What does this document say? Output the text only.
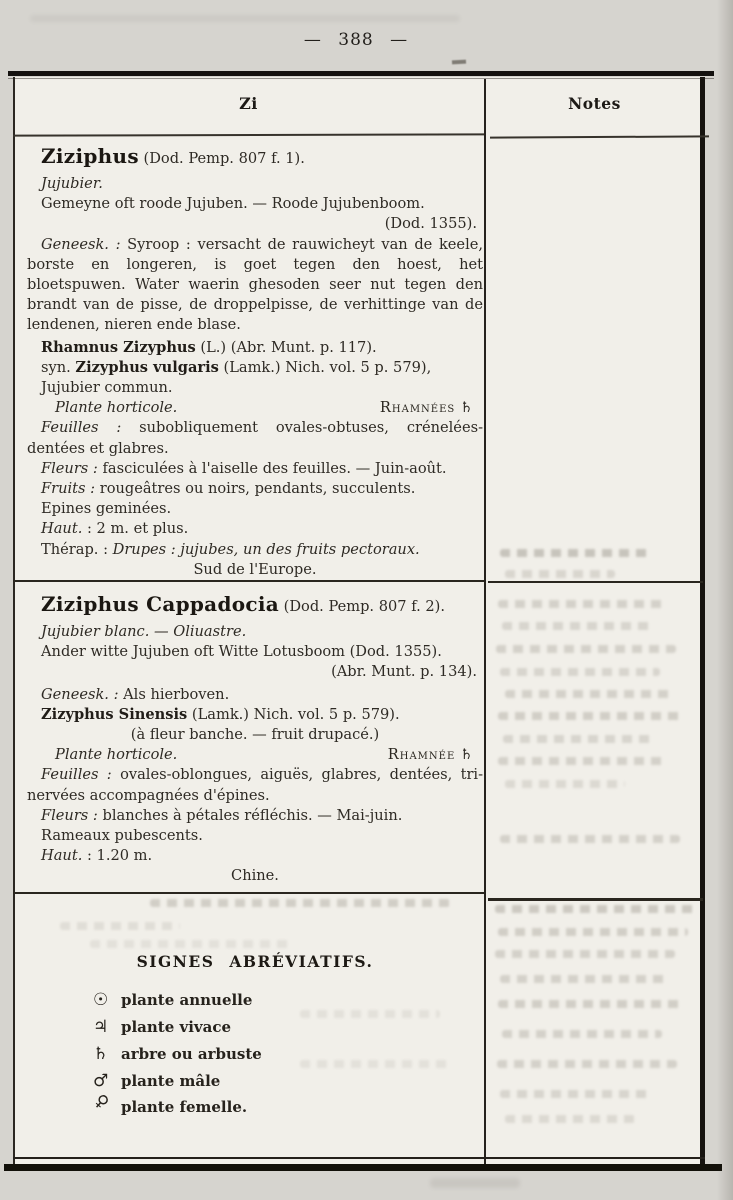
— 388 —
Zi	Notes
Ziziphus (Dod. Pemp. 807 f. 1).
Jujubier.
Gemeyne oft roode Jujuben. — Roode Jujubenboom.
(Dod. 1355).

Geneesk. : Syroop : versacht de rauwicheyt van de keele, borste en longeren, is goet tegen den hoest, het bloetspuwen. Water waerin ghesoden seer nut tegen den brandt van de pisse, de droppelpisse, de verhittinge van de lendenen, nieren ende blase.

Rhamnus Zizyphus (L.) (Abr. Munt. p. 117).
syn. Zizyphus vulgaris (Lamk.) Nich. vol. 5 p. 579),
Jujubier commun.
Plante horticole.	Rhamnées ♄

Feuilles : subobliquement ovales-obtuses, crénelées-dentées et glabres.

Fleurs : fasciculées à l'aiselle des feuilles. — Juin-août.
Fruits : rougeâtres ou noirs, pendants, succulents.
Epines geminées.
Haut. : 2 m. et plus.
Thérap. : Drupes : jujubes, un des fruits pectoraux.
Sud de l'Europe.
Ziziphus Cappadocia (Dod. Pemp. 807 f. 2).
Jujubier blanc. — Oliuastre.
Ander witte Jujuben oft Witte Lotusboom (Dod. 1355).
(Abr. Munt. p. 134).
Geneesk. : Als hierboven.
Zizyphus Sinensis (Lamk.) Nich. vol. 5 p. 579).
(à fleur banche. — fruit drupacé.)
Plante horticole.	Rhamnée ♄

Feuilles : ovales-oblongues, aiguës, glabres, dentées, tri-nervées accompagnées d'épines.

Fleurs : blanches à pétales réfléchis. — Mai-juin.
Rameaux pubescents.
Haut. : 1.20 m.
Chine.
SIGNES ABRÉVIATIFS.
☉ plante annuelle
♃ plante vivace
♄ arbre ou arbuste
♂ plante mâle
♀ plante femelle.
